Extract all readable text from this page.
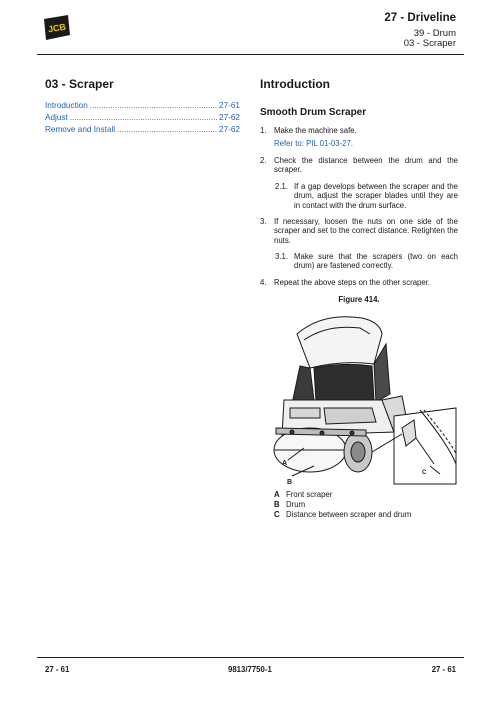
JCB
27 - Driveline
39 - Drum
03 - Scraper
03 - Scraper
Introduction .....	27-61
Adjust .....	27-62
Remove and Install .....	27-62
Introduction
Smooth Drum Scraper
1. Make the machine safe.
Refer to: PIL 01-03-27.
2. Check the distance between the drum and the scraper.
2.1. If a gap develops between the scraper and the drum, adjust the scraper blades until they are in contact with the drum surface.
3. If necessary, loosen the nuts on one side of the scraper and set to the correct distance. Retighten the nuts.
3.1. Make sure that the scrapers (two on each drum) are fastened correctly.
4. Repeat the above steps on the other scraper.
Figure 414.
A
B
C
A Front scraper
B Drum
C Distance between scraper and drum
27 - 61	9813/7750-1	27 - 61
